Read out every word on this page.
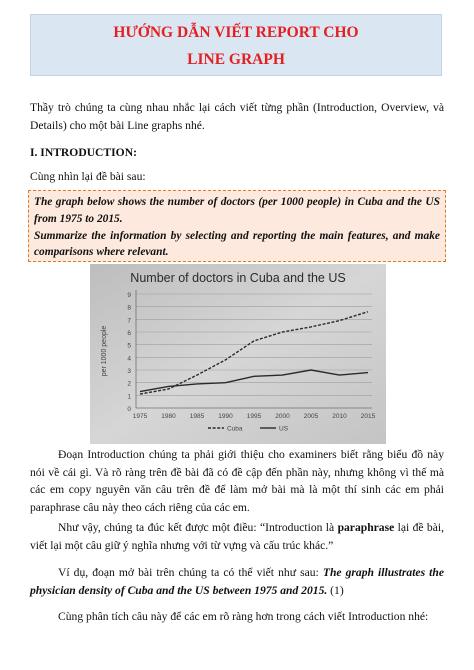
HƯỚNG DẪN VIẾT REPORT CHO
LINE GRAPH
Thầy trò chúng ta cùng nhau nhắc lại cách viết từng phần (Introduction, Overview, và Details) cho một bài Line graphs nhé.
I. INTRODUCTION:
Cùng nhìn lại đề bài sau:
The graph below shows the number of doctors (per 1000 people) in Cuba and the US from 1975 to 2015.
Summarize the information by selecting and reporting the main features, and make comparisons where relevant.
Number of doctors in Cuba and the US
0
1
2
3
4
5
6
7
8
9
per 1000 people
1975 1980 1985 1990 1995 2000 2005 2010 2015
Cuba	US
Đoạn Introduction chúng ta phải giới thiệu cho examiners biết rằng biểu đồ này nói về cái gì. Và rõ ràng trên đề bài đã có đề cập đến phần này, nhưng không vì thế mà các em copy nguyên văn câu trên đề để làm mở bài mà là một thí sinh các em phải paraphrase câu này theo cách riêng của các em.
Như vậy, chúng ta đúc kết được một điều: “Introduction là paraphrase lại đề bài, viết lại một câu giữ ý nghĩa nhưng với từ vựng và cấu trúc khác.”
Ví dụ, đoạn mở bài trên chúng ta có thể viết như sau: The graph illustrates the physician density of Cuba and the US between 1975 and 2015. (1)
Cùng phân tích câu này để các em rõ ràng hơn trong cách viết Introduction nhé:
